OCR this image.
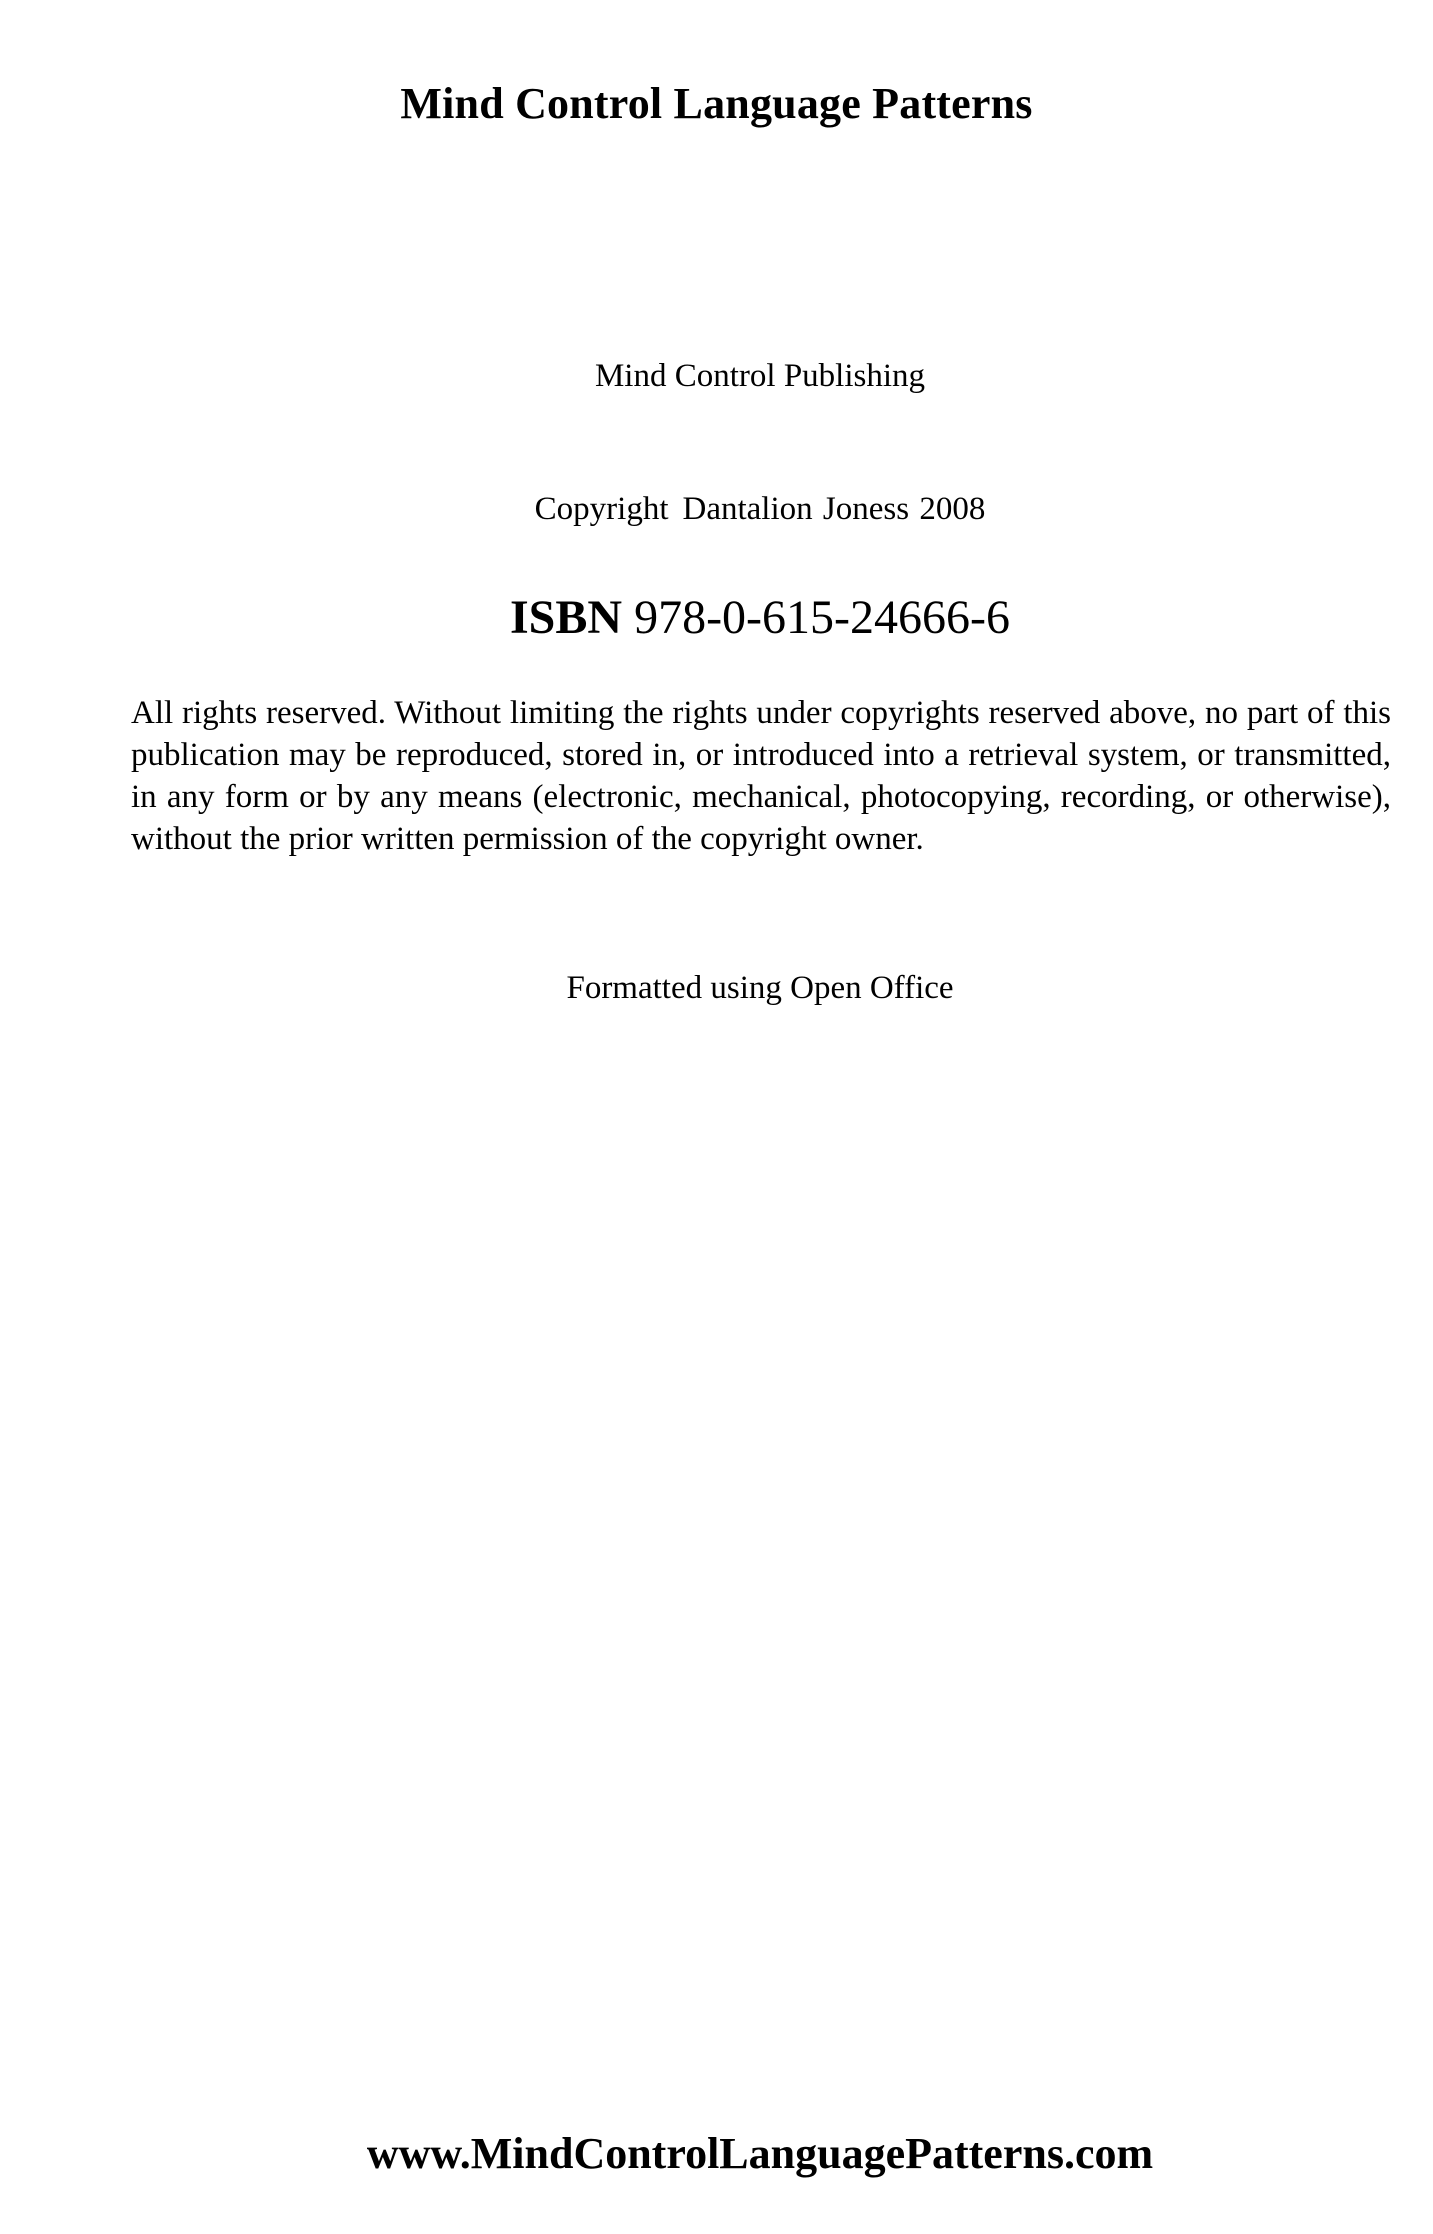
Mind Control Language Patterns
Mind Control Publishing
Copyright Dantalion Joness 2008
ISBN 978-0-615-24666-6
All rights reserved. Without limiting the rights under copyrights reserved above, no part of this publication may be reproduced, stored in, or introduced into a retrieval system, or transmitted, in any form or by any means (electronic, mechanical, photocopying, recording, or otherwise), without the prior written permission of the copyright owner.
Formatted using Open Office
www.MindControlLanguagePatterns.com
